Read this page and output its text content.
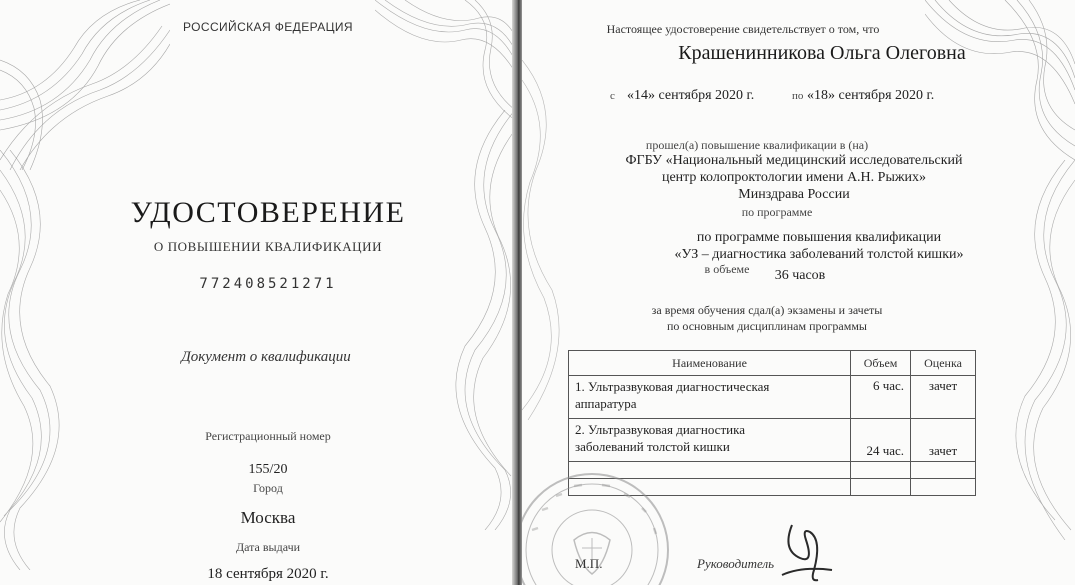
РОССИЙСКАЯ ФЕДЕРАЦИЯ
УДОСТОВЕРЕНИЕ
О ПОВЫШЕНИИ КВАЛИФИКАЦИИ
772408521271
Документ о квалификации
Регистрационный номер
155/20
Город
Москва
Дата выдачи
18 сентября 2020 г.
Настоящее удостоверение свидетельствует о том, что
Крашенинникова Ольга Олеговна
с «14» сентября 2020 г.	по «18» сентября 2020 г.
прошел(а) повышение квалификации в (на)
ФГБУ «Национальный медицинский исследовательский
центр колопроктологии имени А.Н. Рыжих»
Минздрава России
по программе
по программе повышения квалификации
«УЗ – диагностика заболеваний толстой кишки»
в объеме 36 часов
за время обучения сдал(а) экзамены и зачеты
по основным дисциплинам программы
Наименование	Объем	Оценка

1. Ультразвуковая диагностическая
аппаратура	6 час.	зачет

2. Ультразвуковая диагностика
заболеваний толстой кишки	24 час.	зачет

М.П.	Руководитель
